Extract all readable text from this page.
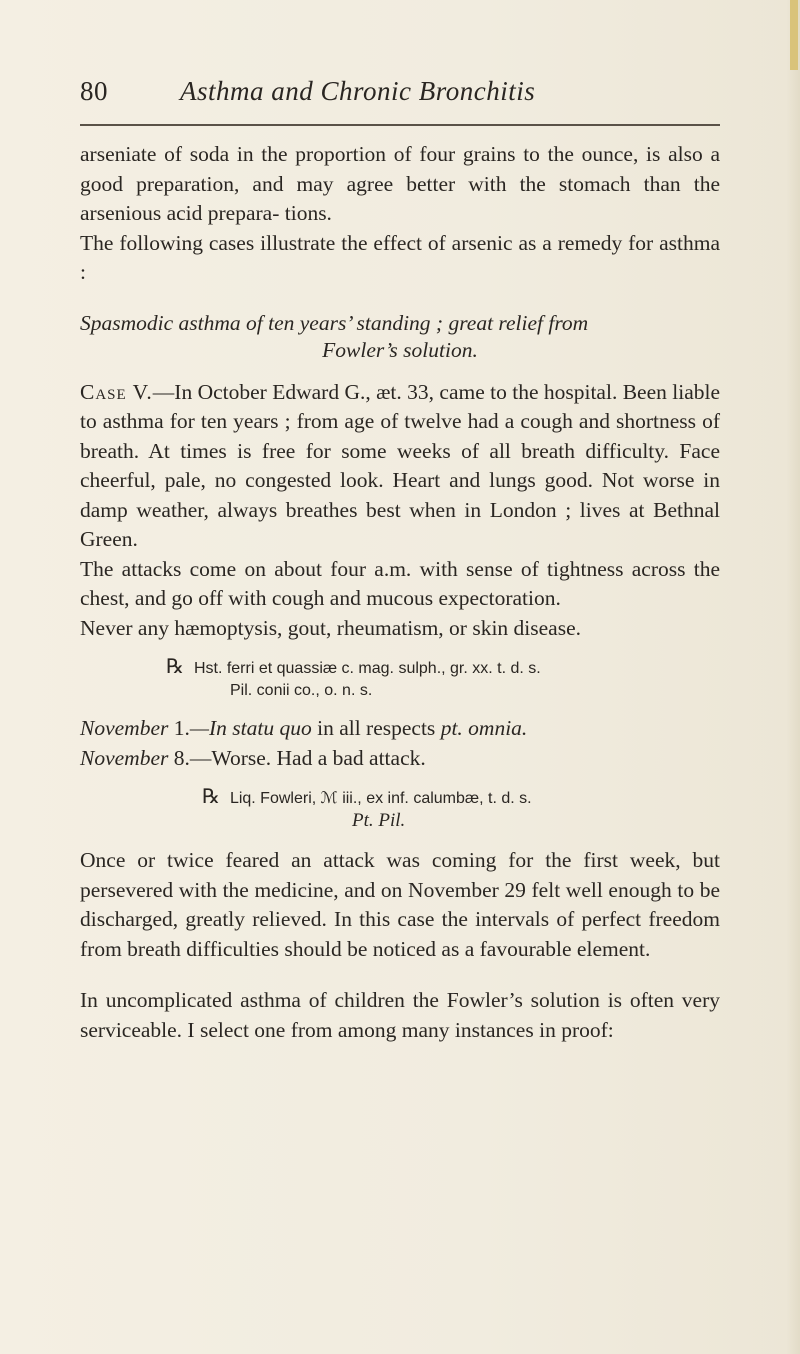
80	Asthma and Chronic Bronchitis

arseniate of soda in the proportion of four grains to the ounce, is also a good preparation, and may agree better with the stomach than the arsenious acid prepara- tions.

The following cases illustrate the effect of arsenic as a remedy for asthma :

Spasmodic asthma of ten years’ standing ; great relief from
Fowler’s solution.

Case V.—In October Edward G., æt. 33, came to the hospital. Been liable to asthma for ten years ; from age of twelve had a cough and shortness of breath. At times is free for some weeks of all breath difficulty. Face cheerful, pale, no congested look. Heart and lungs good. Not worse in damp weather, always breathes best when in London ; lives at Bethnal Green.

The attacks come on about four a.m. with sense of tightness across the chest, and go off with cough and mucous expectoration.

Never any hæmoptysis, gout, rheumatism, or skin disease.

℞ Hst. ferri et quassiæ c. mag. sulph., gr. xx. t. d. s.
Pil. conii co., o. n. s.

November 1.—In statu quo in all respects pt. omnia.

November 8.—Worse. Had a bad attack.

℞ Liq. Fowleri, ℳ iii., ex inf. calumbæ, t. d. s.
Pt. Pil.

Once or twice feared an attack was coming for the first week, but persevered with the medicine, and on November 29 felt well enough to be discharged, greatly relieved. In this case the intervals of perfect freedom from breath difficulties should be noticed as a favourable element.

In uncomplicated asthma of children the Fowler’s solution is often very serviceable. I select one from among many instances in proof:
